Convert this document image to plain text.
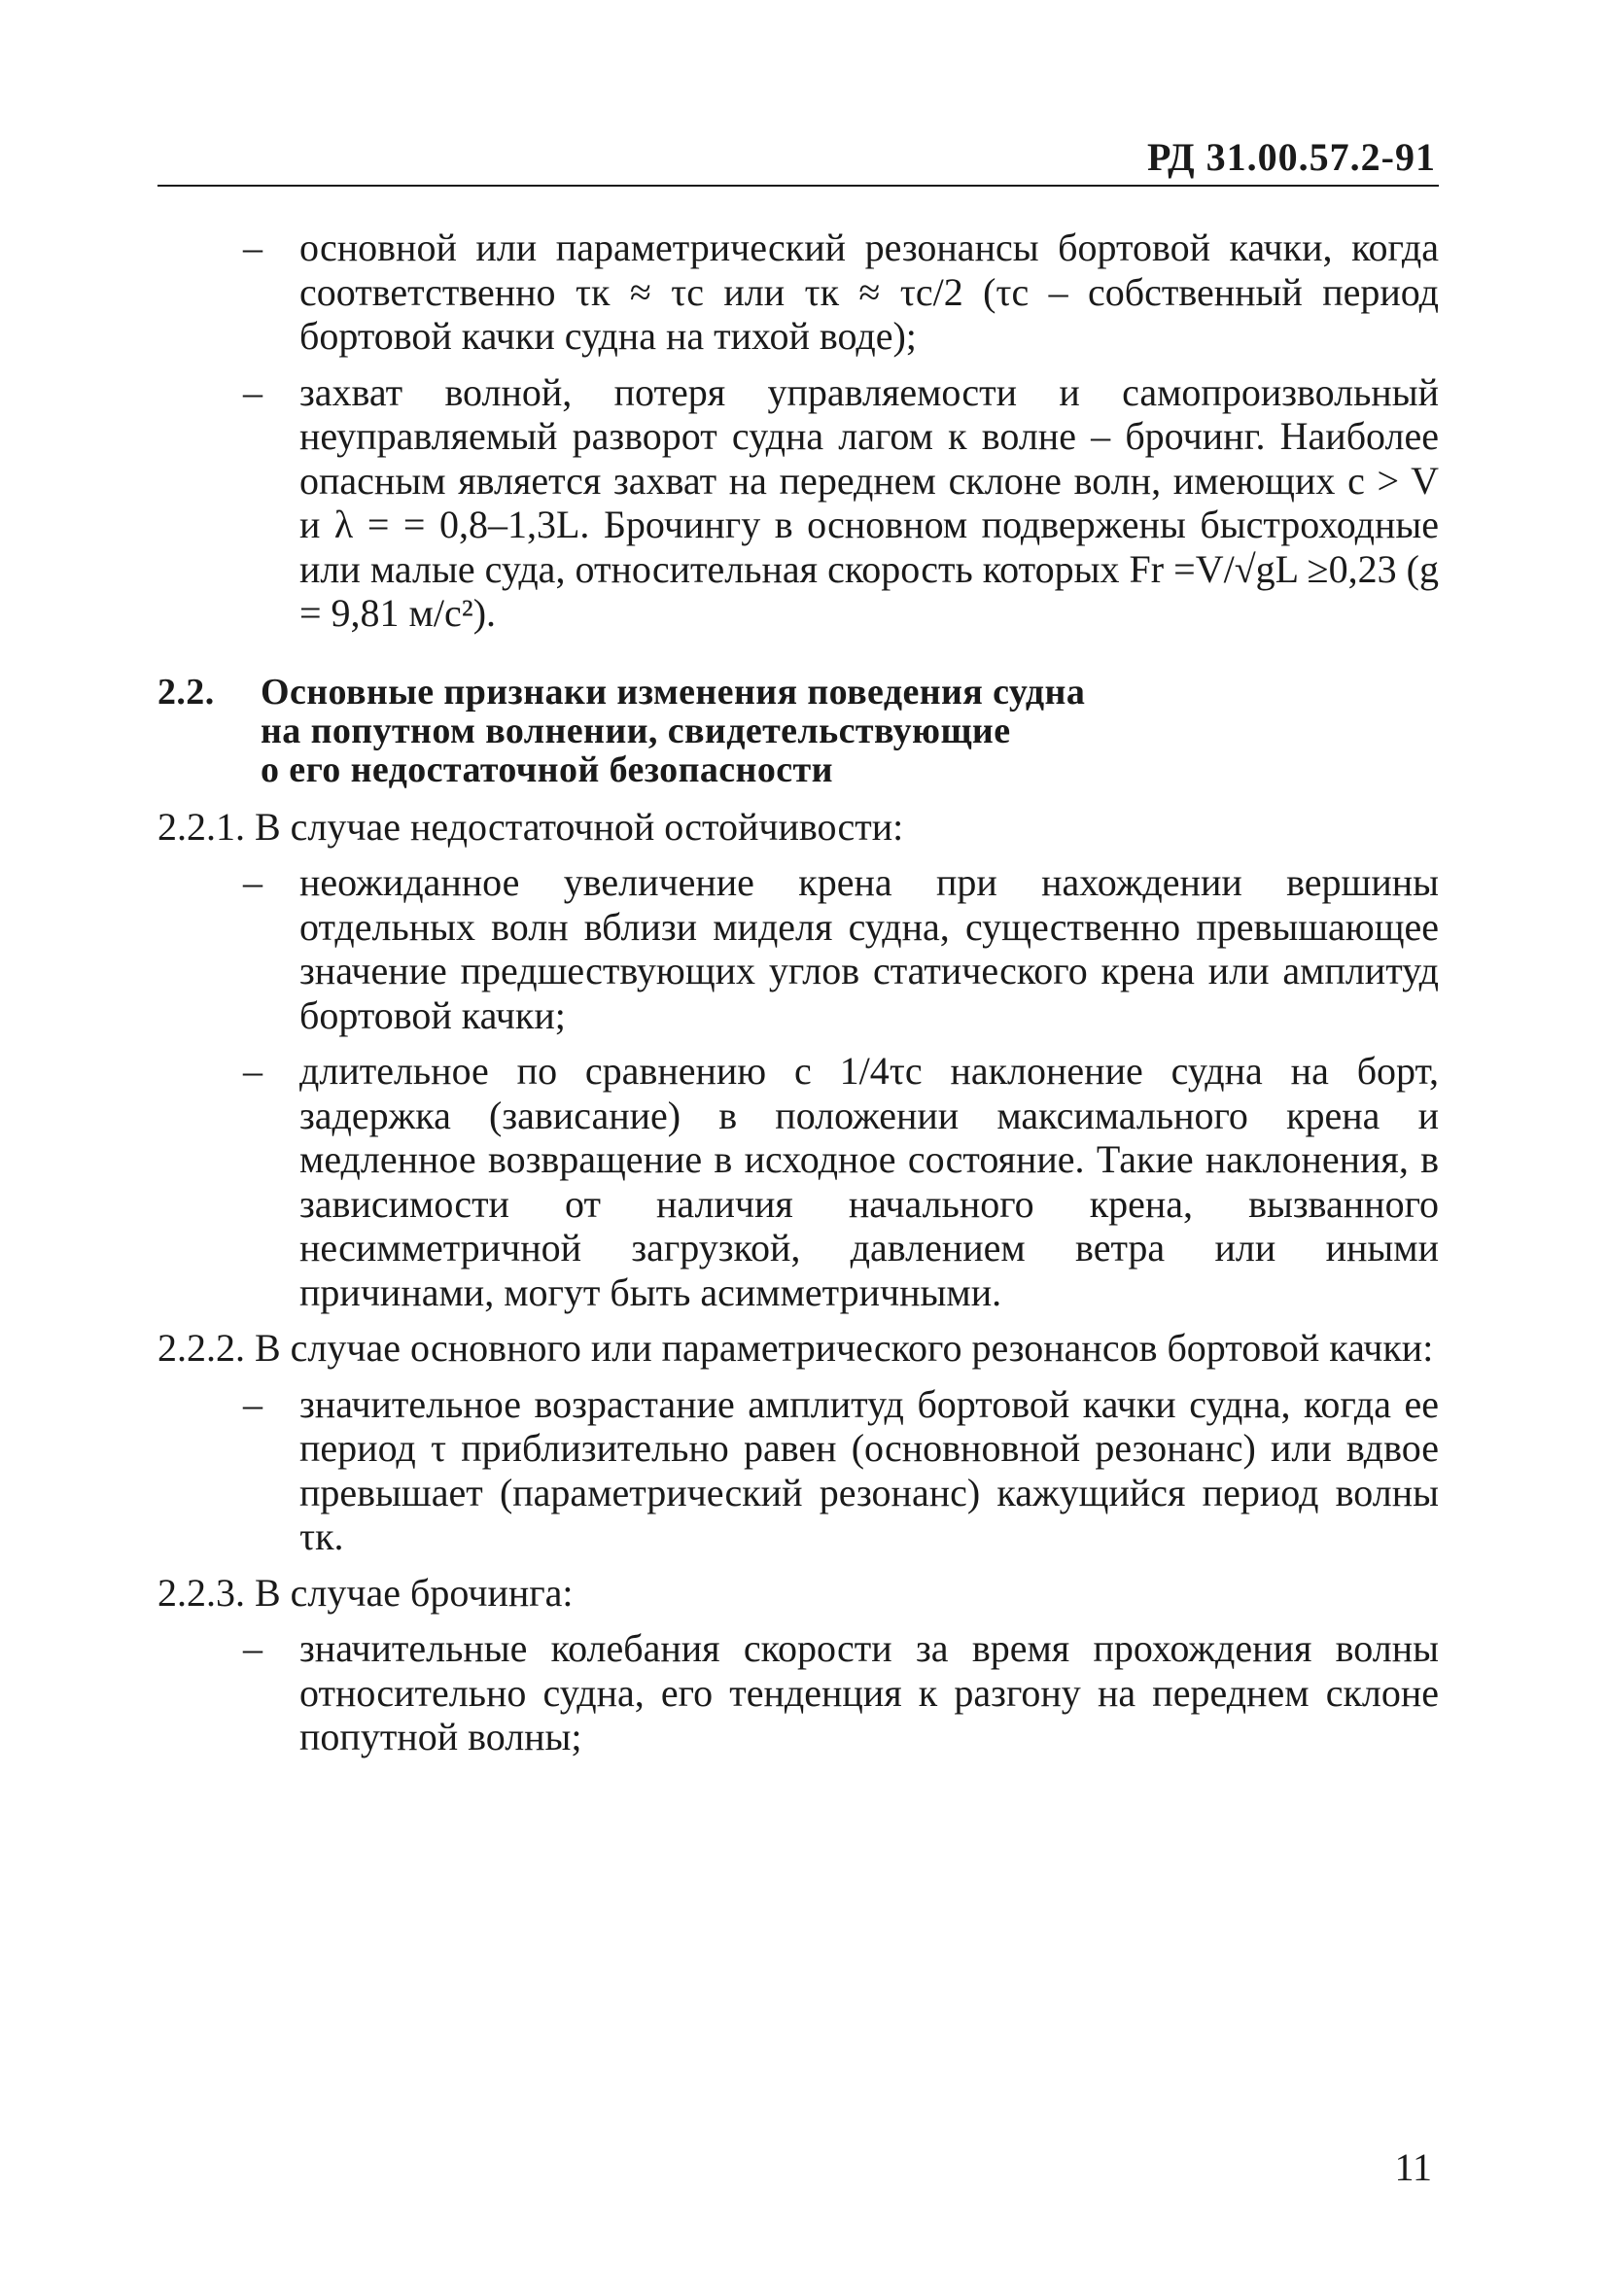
РД 31.00.57.2-91
– основной или параметрический резонансы бортовой качки, когда соответственно τк ≈ τс или τк ≈ τс/2 (τс – собственный период бортовой качки судна на тихой воде);
– захват волной, потеря управляемости и самопроизвольный неуправляемый разворот судна лагом к волне – брочинг. Наиболее опасным является захват на переднем склоне волн, имеющих c > V и λ = = 0,8–1,3L. Брочингу в основном подвержены быстроходные или малые суда, относительная скорость которых Fr =V/√gL ≥0,23 (g = 9,81 м/с²).
2.2. Основные признаки изменения поведения судна
на попутном волнении, свидетельствующие
о его недостаточной безопасности
2.2.1. В случае недостаточной остойчивости:
– неожиданное увеличение крена при нахождении вершины отдельных волн вблизи миделя судна, существенно превышающее значение предшествующих углов статического крена или амплитуд бортовой качки;
– длительное по сравнению с 1/4τс наклонение судна на борт, задержка (зависание) в положении максимального крена и медленное возвращение в исходное состояние. Такие наклонения, в зависимости от наличия начального крена, вызванного несимметричной загрузкой, давлением ветра или иными причинами, могут быть асимметричными.
2.2.2. В случае основного или параметрического резонансов бортовой качки:
– значительное возрастание амплитуд бортовой качки судна, когда ее период τ приблизительно равен (основновной резонанс) или вдвое превышает (параметрический резонанс) кажущийся период волны τк.
2.2.3. В случае брочинга:
– значительные колебания скорости за время прохождения волны относительно судна, его тенденция к разгону на переднем склоне попутной волны;
11
